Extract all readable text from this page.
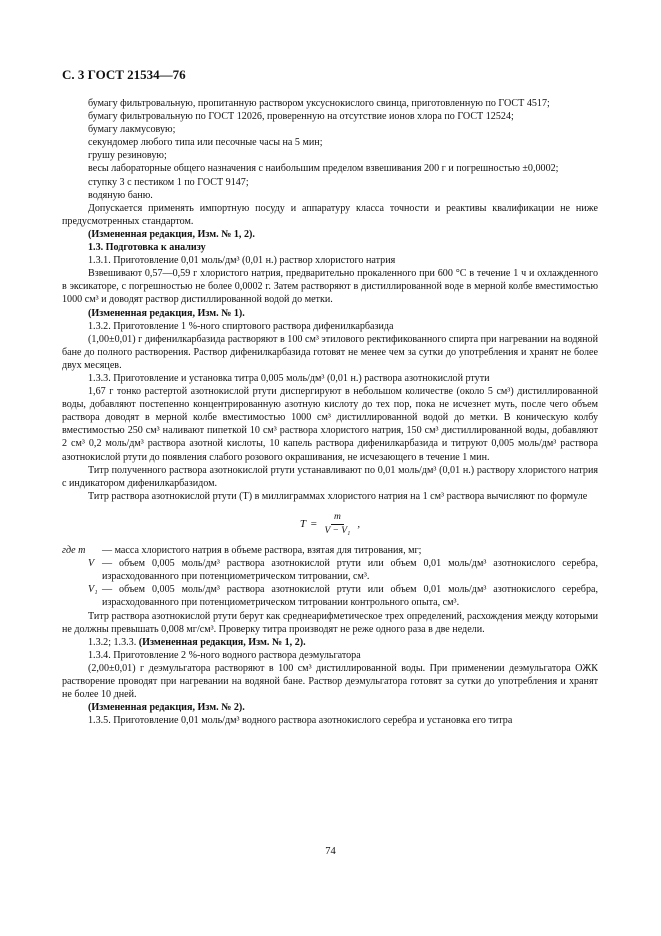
С. 3 ГОСТ 21534—76

бумагу фильтровальную, пропитанную раствором уксуснокислого свинца, приготовленную по ГОСТ 4517;

бумагу фильтровальную по ГОСТ 12026, проверенную на отсутствие ионов хлора по ГОСТ 12524;

бумагу лакмусовую;

секундомер любого типа или песочные часы на 5 мин;

грушу резиновую;

весы лабораторные общего назначения с наибольшим пределом взвешивания 200 г и погрешностью ±0,0002;

ступку 3 с пестиком 1 по ГОСТ 9147;

водяную баню.

Допускается применять импортную посуду и аппаратуру класса точности и реактивы квалификации не ниже предусмотренных стандартом.

(Измененная редакция, Изм. № 1, 2).

1.3. Подготовка к анализу

1.3.1. Приготовление 0,01 моль/дм³ (0,01 н.) раствор хлористого натрия

Взвешивают 0,57—0,59 г хлористого натрия, предварительно прокаленного при 600 °С в течение 1 ч и охлажденного в эксикаторе, с погрешностью не более 0,0002 г. Затем растворяют в дистиллированной воде в мерной колбе вместимостью 1000 см³ и доводят раствор дистиллированной водой до метки.

(Измененная редакция, Изм. № 1).

1.3.2. Приготовление 1 %-ного спиртового раствора дифенилкарбазида

(1,00±0,01) г дифенилкарбазида растворяют в 100 см³ этилового ректификованного спирта при нагревании на водяной бане до полного растворения. Раствор дифенилкарбазида готовят не менее чем за сутки до употребления и хранят не более двух месяцев.

1.3.3. Приготовление и установка титра 0,005 моль/дм³ (0,01 н.) раствора азотнокислой ртути

1,67 г тонко растертой азотнокислой ртути диспергируют в небольшом количестве (около 5 см³) дистиллированной воды, добавляют постепенно концентрированную азотную кислоту до тех пор, пока не исчезнет муть, после чего объем раствора доводят в мерной колбе вместимостью 1000 см³ дистиллированной водой до метки. В коническую колбу вместимостью 250 см³ наливают пипеткой 10 см³ раствора хлористого натрия, 150 см³ дистиллированной воды, добавляют 2 см³ 0,2 моль/дм³ раствора азотной кислоты, 10 капель раствора дифенилкарбазида и титруют 0,005 моль/дм³ раствора азотнокислой ртути до появления слабого розового окрашивания, не исчезающего в течение 1 мин.

Титр полученного раствора азотнокислой ртути устанавливают по 0,01 моль/дм³ (0,01 н.) раствору хлористого натрия с индикатором дифенилкарбазидом.

Титр раствора азотнокислой ртути (T) в миллиграммах хлористого натрия на 1 см³ раствора вычисляют по формуле

$T = \frac{m}{\text{V − V₁}}$ ,
где m	— масса хлористого натрия в объеме раствора, взятая для титрования, мг;
V — объем 0,005 моль/дм³ раствора азотнокислой ртути или объем 0,01 моль/дм³ азотнокислого серебра, израсходованного при потенциометрическом титровании, см³.
V₁ — объем 0,005 моль/дм³ раствора азотнокислой ртути или объем 0,01 моль/дм³ азотнокислого серебра, израсходованного при потенциометрическом титровании контрольного опыта, см³.

Титр раствора азотнокислой ртути берут как среднеарифметическое трех определений, расхождения между которыми не должны превышать 0,008 мг/см³. Проверку титра производят не реже одного раза в две недели.

1.3.2; 1.3.3. (Измененная редакция, Изм. № 1, 2).

1.3.4. Приготовление 2 %-ного водного раствора деэмульгатора

(2,00±0,01) г деэмульгатора растворяют в 100 см³ дистиллированной воды. При применении деэмульгатора ОЖК растворение проводят при нагревании на водяной бане. Раствор деэмульгатора готовят за сутки до употребления и хранят не более 10 дней.

(Измененная редакция, Изм. № 2).

1.3.5. Приготовление 0,01 моль/дм³ водного раствора азотнокислого серебра и установка его титра

74
